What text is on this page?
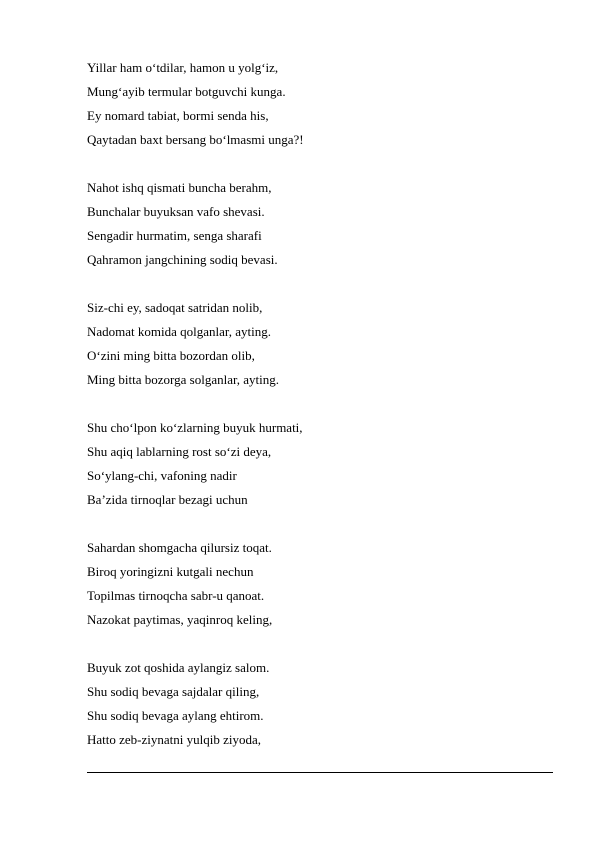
Yillar ham o‘tdilar, hamon u yolg‘iz,
Mung‘ayib termular botguvchi kunga.
Ey nomard tabiat, bormi senda his,
Qaytadan baxt bersang bo‘lmasmi unga?!
Nahot ishq qismati buncha berahm,
Bunchalar buyuksan vafo shevasi.
Sengadir hurmatim, senga sharafi
Qahramon jangchining sodiq bevasi.
Siz-chi ey, sadoqat satridan nolib,
Nadomat komida qolganlar, ayting.
O‘zini ming bitta bozordan olib,
Ming bitta bozorga solganlar, ayting.
Shu cho‘lpon ko‘zlarning buyuk hurmati,
Shu aqiq lablarning rost so‘zi deya,
So‘ylang-chi, vafoning nadir
Ba’zida tirnoqlar bezagi uchun
Sahardan shomgacha qilursiz toqat.
Biroq yoringizni kutgali nechun
Topilmas tirnoqcha sabr-u qanoat.
Nazokat paytimas, yaqinroq keling,
Buyuk zot qoshida aylangiz salom.
Shu sodiq bevaga sajdalar qiling,
Shu sodiq bevaga aylang ehtirom.
Hatto zeb-ziynatni yulqib ziyoda,
